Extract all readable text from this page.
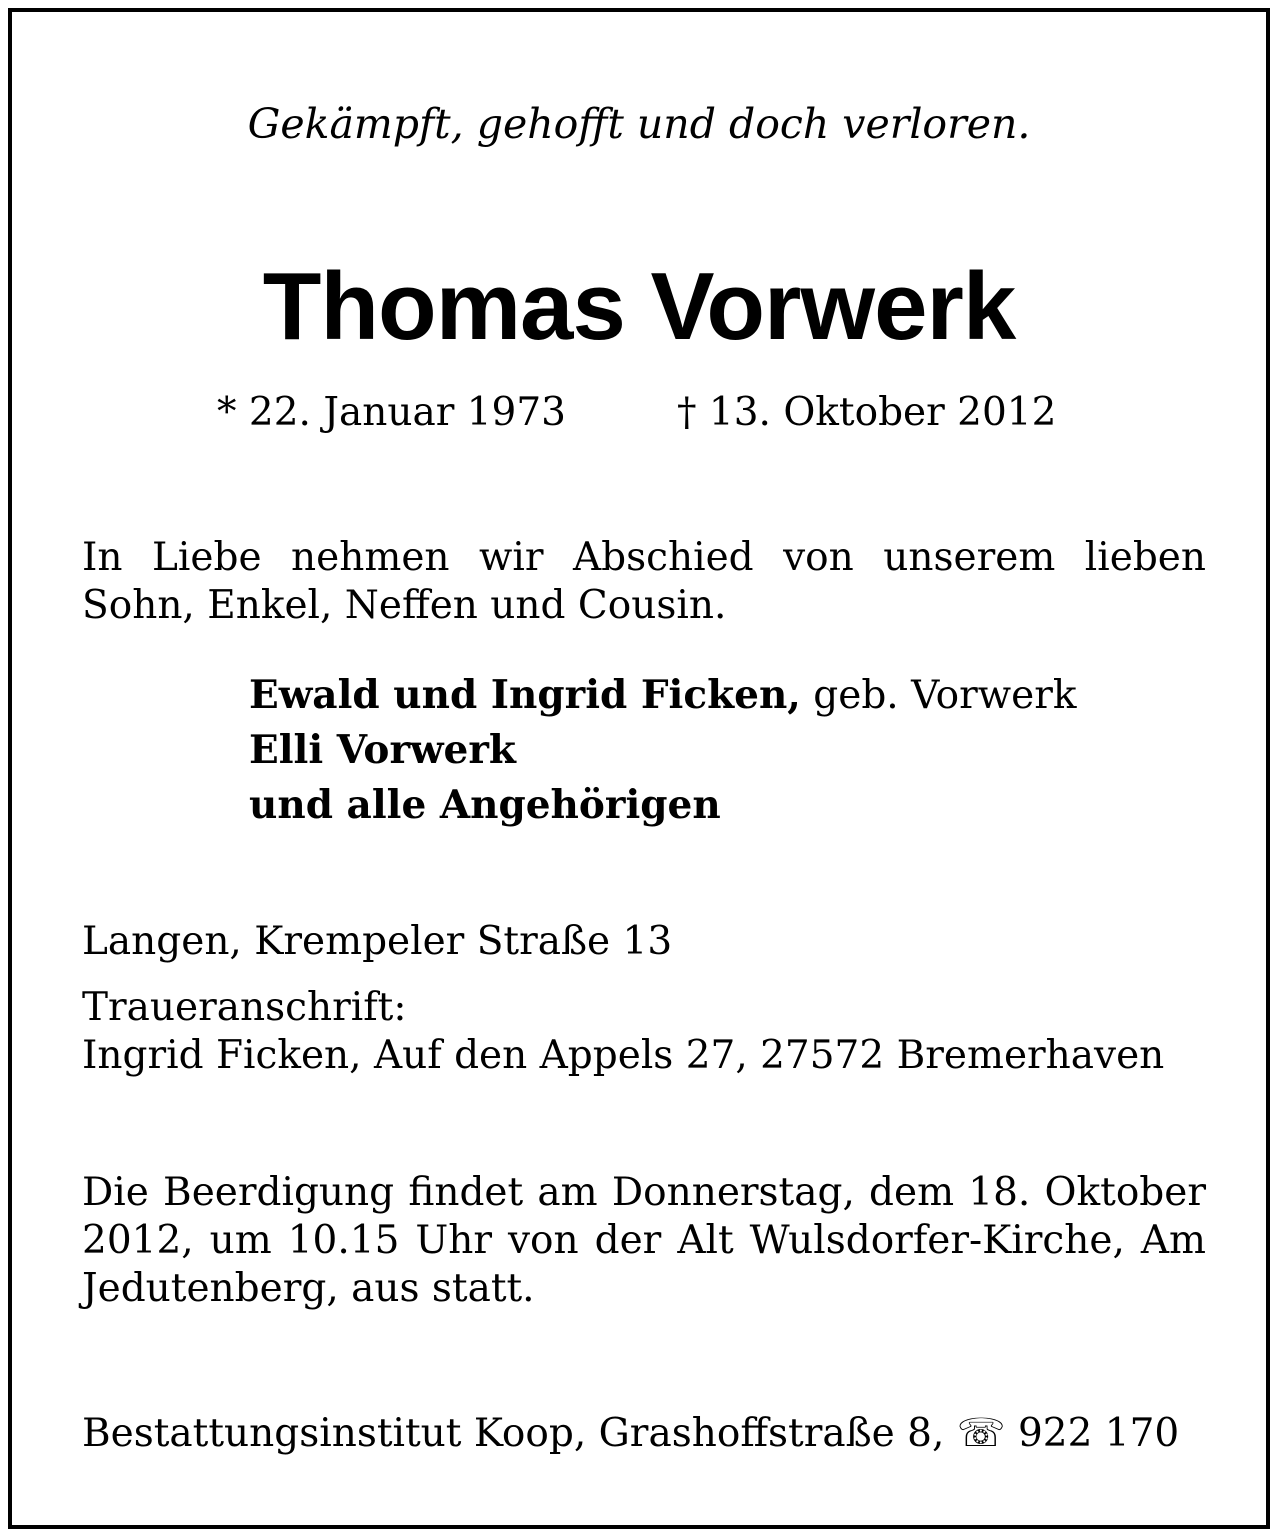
Gekämpft, gehofft und doch verloren.
Thomas Vorwerk
* 22. Januar 1973	† 13. Oktober 2012
In Liebe nehmen wir Abschied von unserem lieben Sohn, Enkel, Neffen und Cousin.
Ewald und Ingrid Ficken, geb. Vorwerk
Elli Vorwerk
und alle Angehörigen
Langen, Krempeler Straße 13
Traueranschrift:
Ingrid Ficken, Auf den Appels 27, 27572 Bremerhaven
Die Beerdigung findet am Donnerstag, dem 18. Oktober 2012, um 10.15 Uhr von der Alt Wulsdorfer-Kirche, Am Jedutenberg, aus statt.
Bestattungsinstitut Koop, Grashoffstraße 8, ☏ 922 170
